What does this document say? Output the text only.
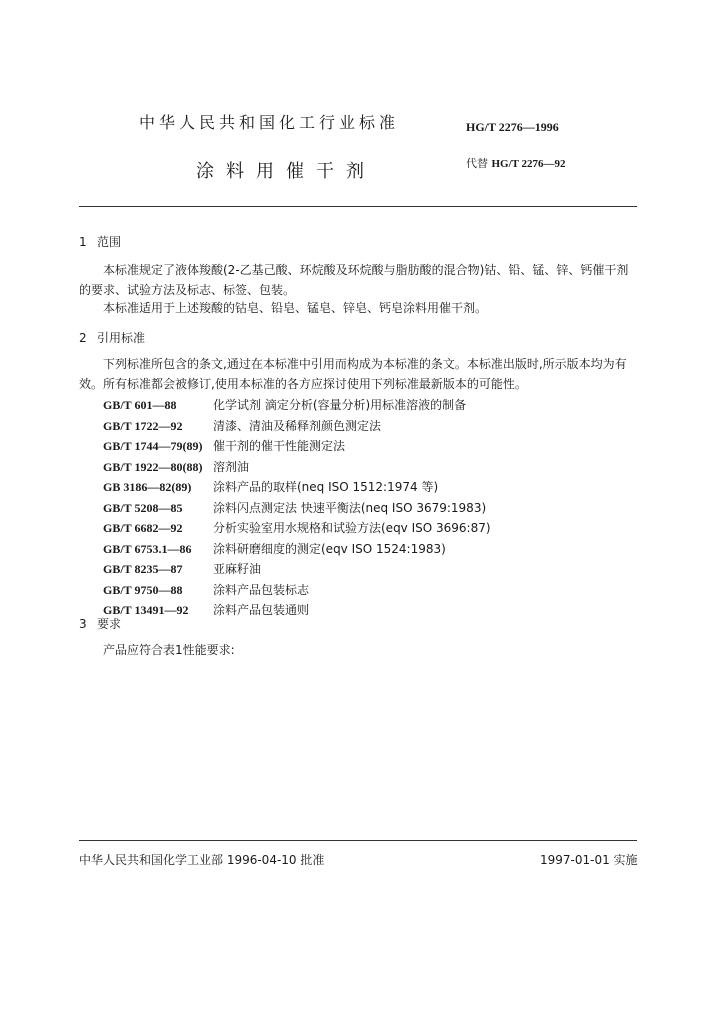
中华人民共和国化工行业标准	HG/T 2276—1996
涂料用催干剂	代替 HG/T 2276—92
1 范围
本标准规定了液体羧酸(2-乙基己酸、环烷酸及环烷酸与脂肪酸的混合物)钴、铅、锰、锌、钙催干剂的要求、试验方法及标志、标签、包装。
本标准适用于上述羧酸的钴皂、铅皂、锰皂、锌皂、钙皂涂料用催干剂。
2 引用标准
下列标准所包含的条文,通过在本标准中引用而构成为本标准的条文。本标准出版时,所示版本均为有效。所有标准都会被修订,使用本标准的各方应探讨使用下列标准最新版本的可能性。
GB/T 601—88	化学试剂 滴定分析(容量分析)用标准溶液的制备
GB/T 1722—92	清漆、清油及稀释剂颜色测定法
GB/T 1744—79(89) 催干剂的催干性能测定法
GB/T 1922—80(88) 溶剂油
GB 3186—82(89) 涂料产品的取样(neq ISO 1512:1974 等)
GB/T 5208—85	涂料闪点测定法 快速平衡法(neq ISO 3679:1983)
GB/T 6682—92	分析实验室用水规格和试验方法(eqv ISO 3696:87)
GB/T 6753.1—86 涂料研磨细度的测定(eqv ISO 1524:1983)
GB/T 8235—87	亚麻籽油
GB/T 9750—88	涂料产品包装标志
GB/T 13491—92 涂料产品包装通则
3 要求
产品应符合表1性能要求:
中华人民共和国化学工业部 1996-04-10 批准	1997-01-01 实施
